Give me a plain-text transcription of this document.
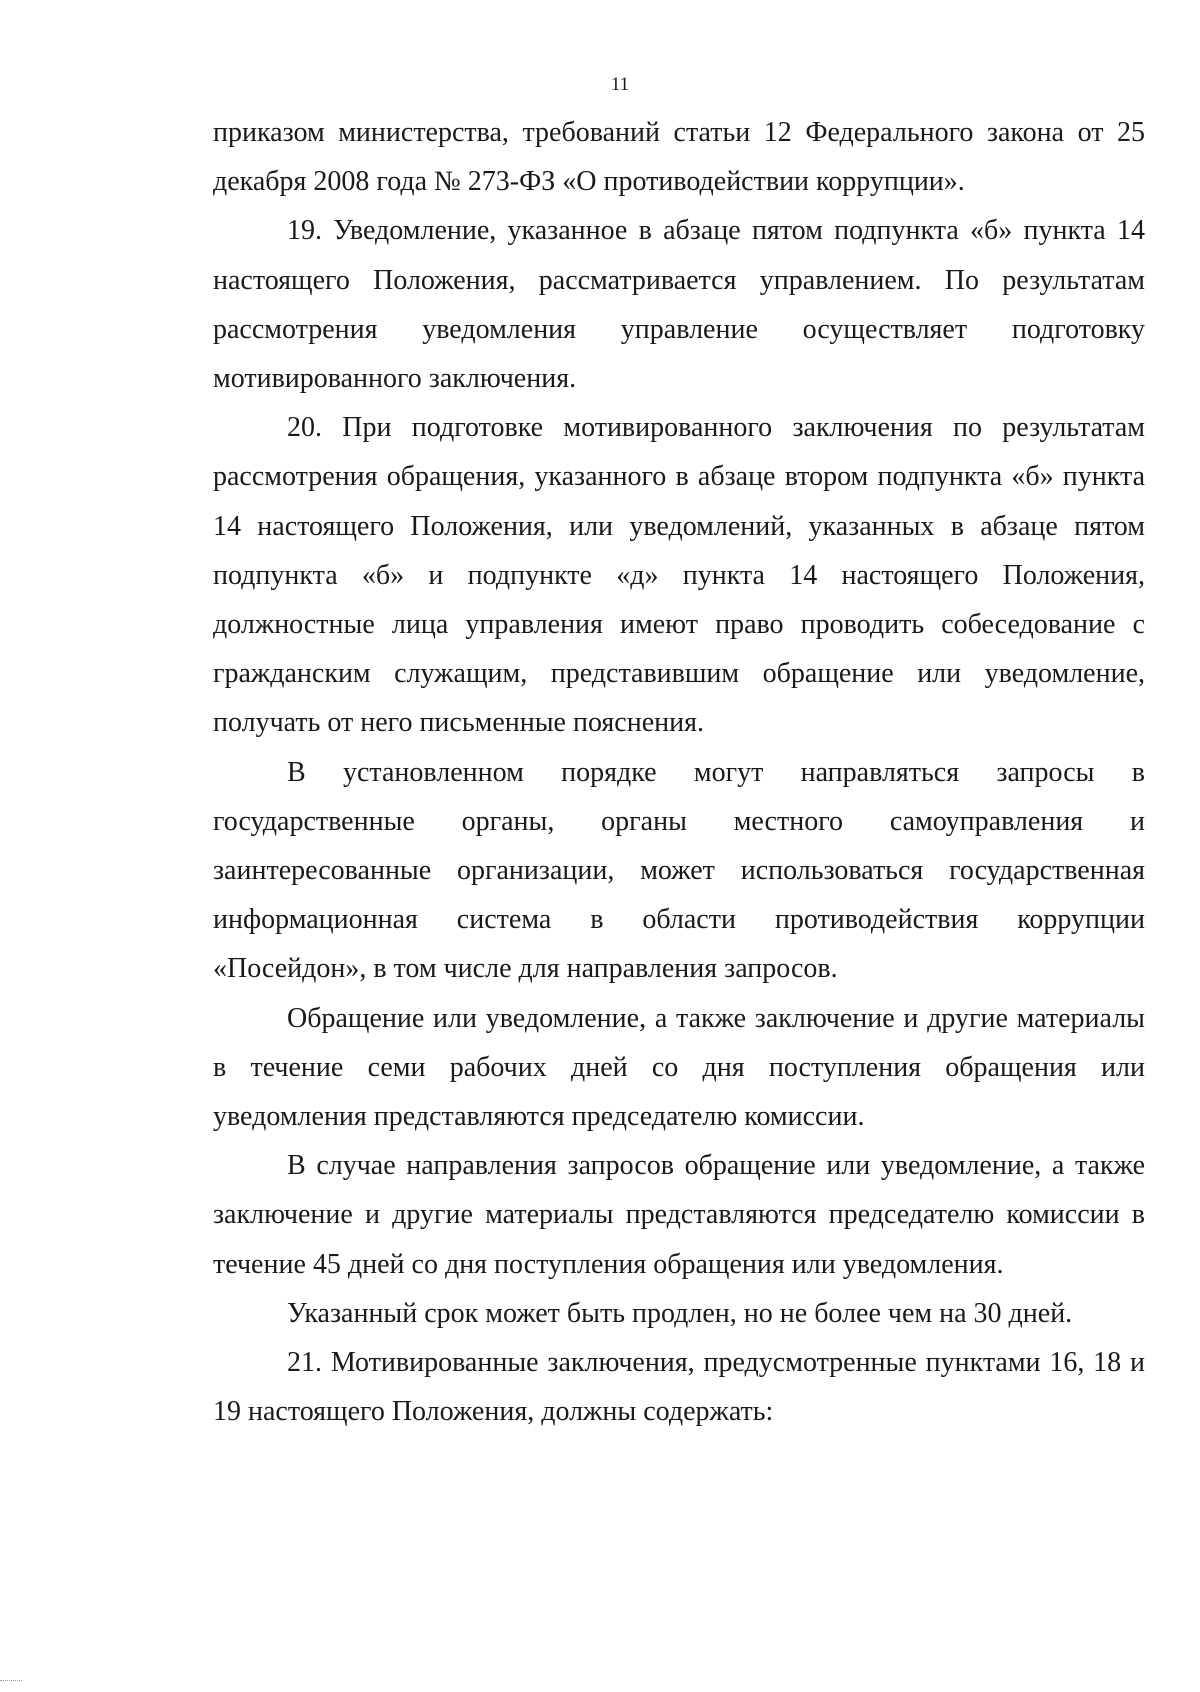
11

приказом министерства, требований статьи 12 Федерального закона от 25 декабря 2008 года № 273-ФЗ «О противодействии коррупции».

19. Уведомление, указанное в абзаце пятом подпункта «б» пункта 14 настоящего Положения, рассматривается управлением. По результатам рассмотрения уведомления управление осуществляет подготовку мотивированного заключения.

20. При подготовке мотивированного заключения по результатам рассмотрения обращения, указанного в абзаце втором подпункта «б» пункта 14 настоящего Положения, или уведомлений, указанных в абзаце пятом подпункта «б» и подпункте «д» пункта 14 настоящего Положения, должностные лица управления имеют право проводить собеседование с гражданским служащим, представившим обращение или уведомление, получать от него письменные пояснения.

В установленном порядке могут направляться запросы в государственные органы, органы местного самоуправления и заинтересованные организации, может использоваться государственная информационная система в области противодействия коррупции «Посейдон», в том числе для направления запросов.

Обращение или уведомление, а также заключение и другие материалы в течение семи рабочих дней со дня поступления обращения или уведомления представляются председателю комиссии.

В случае направления запросов обращение или уведомление, а также заключение и другие материалы представляются председателю комиссии в течение 45 дней со дня поступления обращения или уведомления.

Указанный срок может быть продлен, но не более чем на 30 дней.

21. Мотивированные заключения, предусмотренные пунктами 16, 18 и 19 настоящего Положения, должны содержать:
